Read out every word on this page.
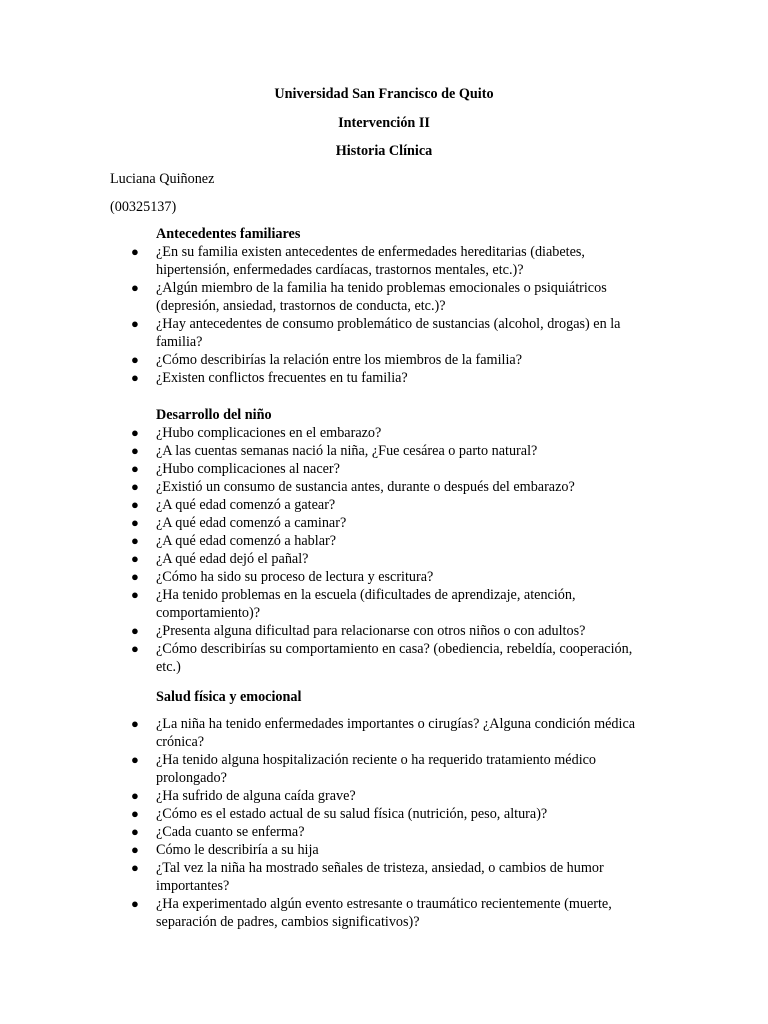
Universidad San Francisco de Quito
Intervención II
Historia Clínica
Luciana Quiñonez
(00325137)
Antecedentes familiares
● ¿En su familia existen antecedentes de enfermedades hereditarias (diabetes, hipertensión, enfermedades cardíacas, trastornos mentales, etc.)?
● ¿Algún miembro de la familia ha tenido problemas emocionales o psiquiátricos (depresión, ansiedad, trastornos de conducta, etc.)?
● ¿Hay antecedentes de consumo problemático de sustancias (alcohol, drogas) en la familia?
● ¿Cómo describirías la relación entre los miembros de la familia?
● ¿Existen conflictos frecuentes en tu familia?
Desarrollo del niño
● ¿Hubo complicaciones en el embarazo?
● ¿A las cuentas semanas nació la niña, ¿Fue cesárea o parto natural?
● ¿Hubo complicaciones al nacer?
● ¿Existió un consumo de sustancia antes, durante o después del embarazo?
● ¿A qué edad comenzó a gatear?
● ¿A qué edad comenzó a caminar?
● ¿A qué edad comenzó a hablar?
● ¿A qué edad dejó el pañal?
● ¿Cómo ha sido su proceso de lectura y escritura?
● ¿Ha tenido problemas en la escuela (dificultades de aprendizaje, atención, comportamiento)?
● ¿Presenta alguna dificultad para relacionarse con otros niños o con adultos?
● ¿Cómo describirías su comportamiento en casa? (obediencia, rebeldía, cooperación, etc.)
Salud física y emocional
● ¿La niña ha tenido enfermedades importantes o cirugías? ¿Alguna condición médica crónica?
● ¿Ha tenido alguna hospitalización reciente o ha requerido tratamiento médico prolongado?
● ¿Ha sufrido de alguna caída grave?
● ¿Cómo es el estado actual de su salud física (nutrición, peso, altura)?
● ¿Cada cuanto se enferma?
● Cómo le describiría a su hija
● ¿Tal vez la niña ha mostrado señales de tristeza, ansiedad, o cambios de humor importantes?
● ¿Ha experimentado algún evento estresante o traumático recientemente (muerte, separación de padres, cambios significativos)?
